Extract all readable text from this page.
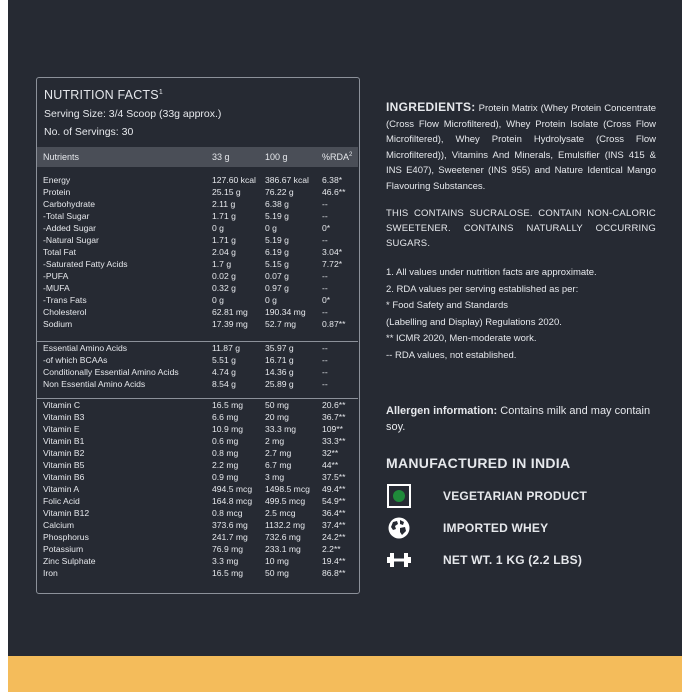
NUTRITION FACTS$^1$
Serving Size: 3/4 Scoop (33g approx.)
No. of Servings: 30
Nutrients	33 g	100 g	%RDA$^2$
Energy	127.60 kcal 386.67 kcal 6.38*
Protein	25.15 g	76.22 g	46.6**
Carbohydrate	2.11 g	6.38 g	--
-Total Sugar	1.71 g	5.19 g	--
-Added Sugar	0 g	0 g	0*
-Natural Sugar	1.71 g	5.19 g	--
Total Fat	2.04 g	6.19 g	3.04*
-Saturated Fatty Acids	1.7 g	5.15 g	7.72*
-PUFA	0.02 g	0.07 g	--
-MUFA	0.32 g	0.97 g	--
-Trans Fats	0 g	0 g	0*
Cholesterol	62.81 mg 190.34 mg --
Sodium	17.39 mg 52.7 mg	0.87**
Essential Amino Acids	11.87 g	35.97 g	--
-of which BCAAs	5.51 g	16.71 g	--
Conditionally Essential Amino Acids	4.74 g	14.36 g	--
Non Essential Amino Acids	8.54 g	25.89 g	--
Vitamin C	16.5 mg	50 mg	20.6**
Vitamin B3	6.6 mg	20 mg	36.7**
Vitamin E	10.9 mg	33.3 mg	109**
Vitamin B1	0.6 mg	2 mg	33.3**
Vitamin B2	0.8 mg	2.7 mg	32**
Vitamin B5	2.2 mg	6.7 mg	44**
Vitamin B6	0.9 mg	3 mg	37.5**
Vitamin A	494.5 mcg 1498.5 mcg 49.4**
Folic Acid	164.8 mcg 499.5 mcg 54.9**
Vitamin B12	0.8 mcg	2.5 mcg	36.4**
Calcium	373.6 mg 1132.2 mg 37.4**
Phosphorus	241.7 mg 732.6 mg 24.2**
Potassium	76.9 mg	233.1 mg 2.2**
Zinc Sulphate	3.3 mg	10 mg	19.4**
Iron	16.5 mg	50 mg	86.8**
INGREDIENTS: Protein Matrix (Whey Protein Concentrate (Cross Flow Microfiltered), Whey Protein Isolate (Cross Flow Microfiltered), Whey Protein Hydrolysate (Cross Flow Microfiltered)), Vitamins And Minerals, Emulsifier (INS 415 & INS E407), Sweetener (INS 955) and Nature Identical Mango Flavouring Substances.
THIS CONTAINS SUCRALOSE. CONTAIN NON-CALORIC SWEETENER. CONTAINS NATURALLY OCCURRING SUGARS.
1. All values under nutrition facts are approximate.
2. RDA values per serving established as per:
* Food Safety and Standards
(Labelling and Display) Regulations 2020.
** ICMR 2020, Men-moderate work.
-- RDA values, not established.
Allergen information: Contains milk and may contain soy.
MANUFACTURED IN INDIA
VEGETARIAN PRODUCT
IMPORTED WHEY
NET WT. 1 KG (2.2 LBS)
